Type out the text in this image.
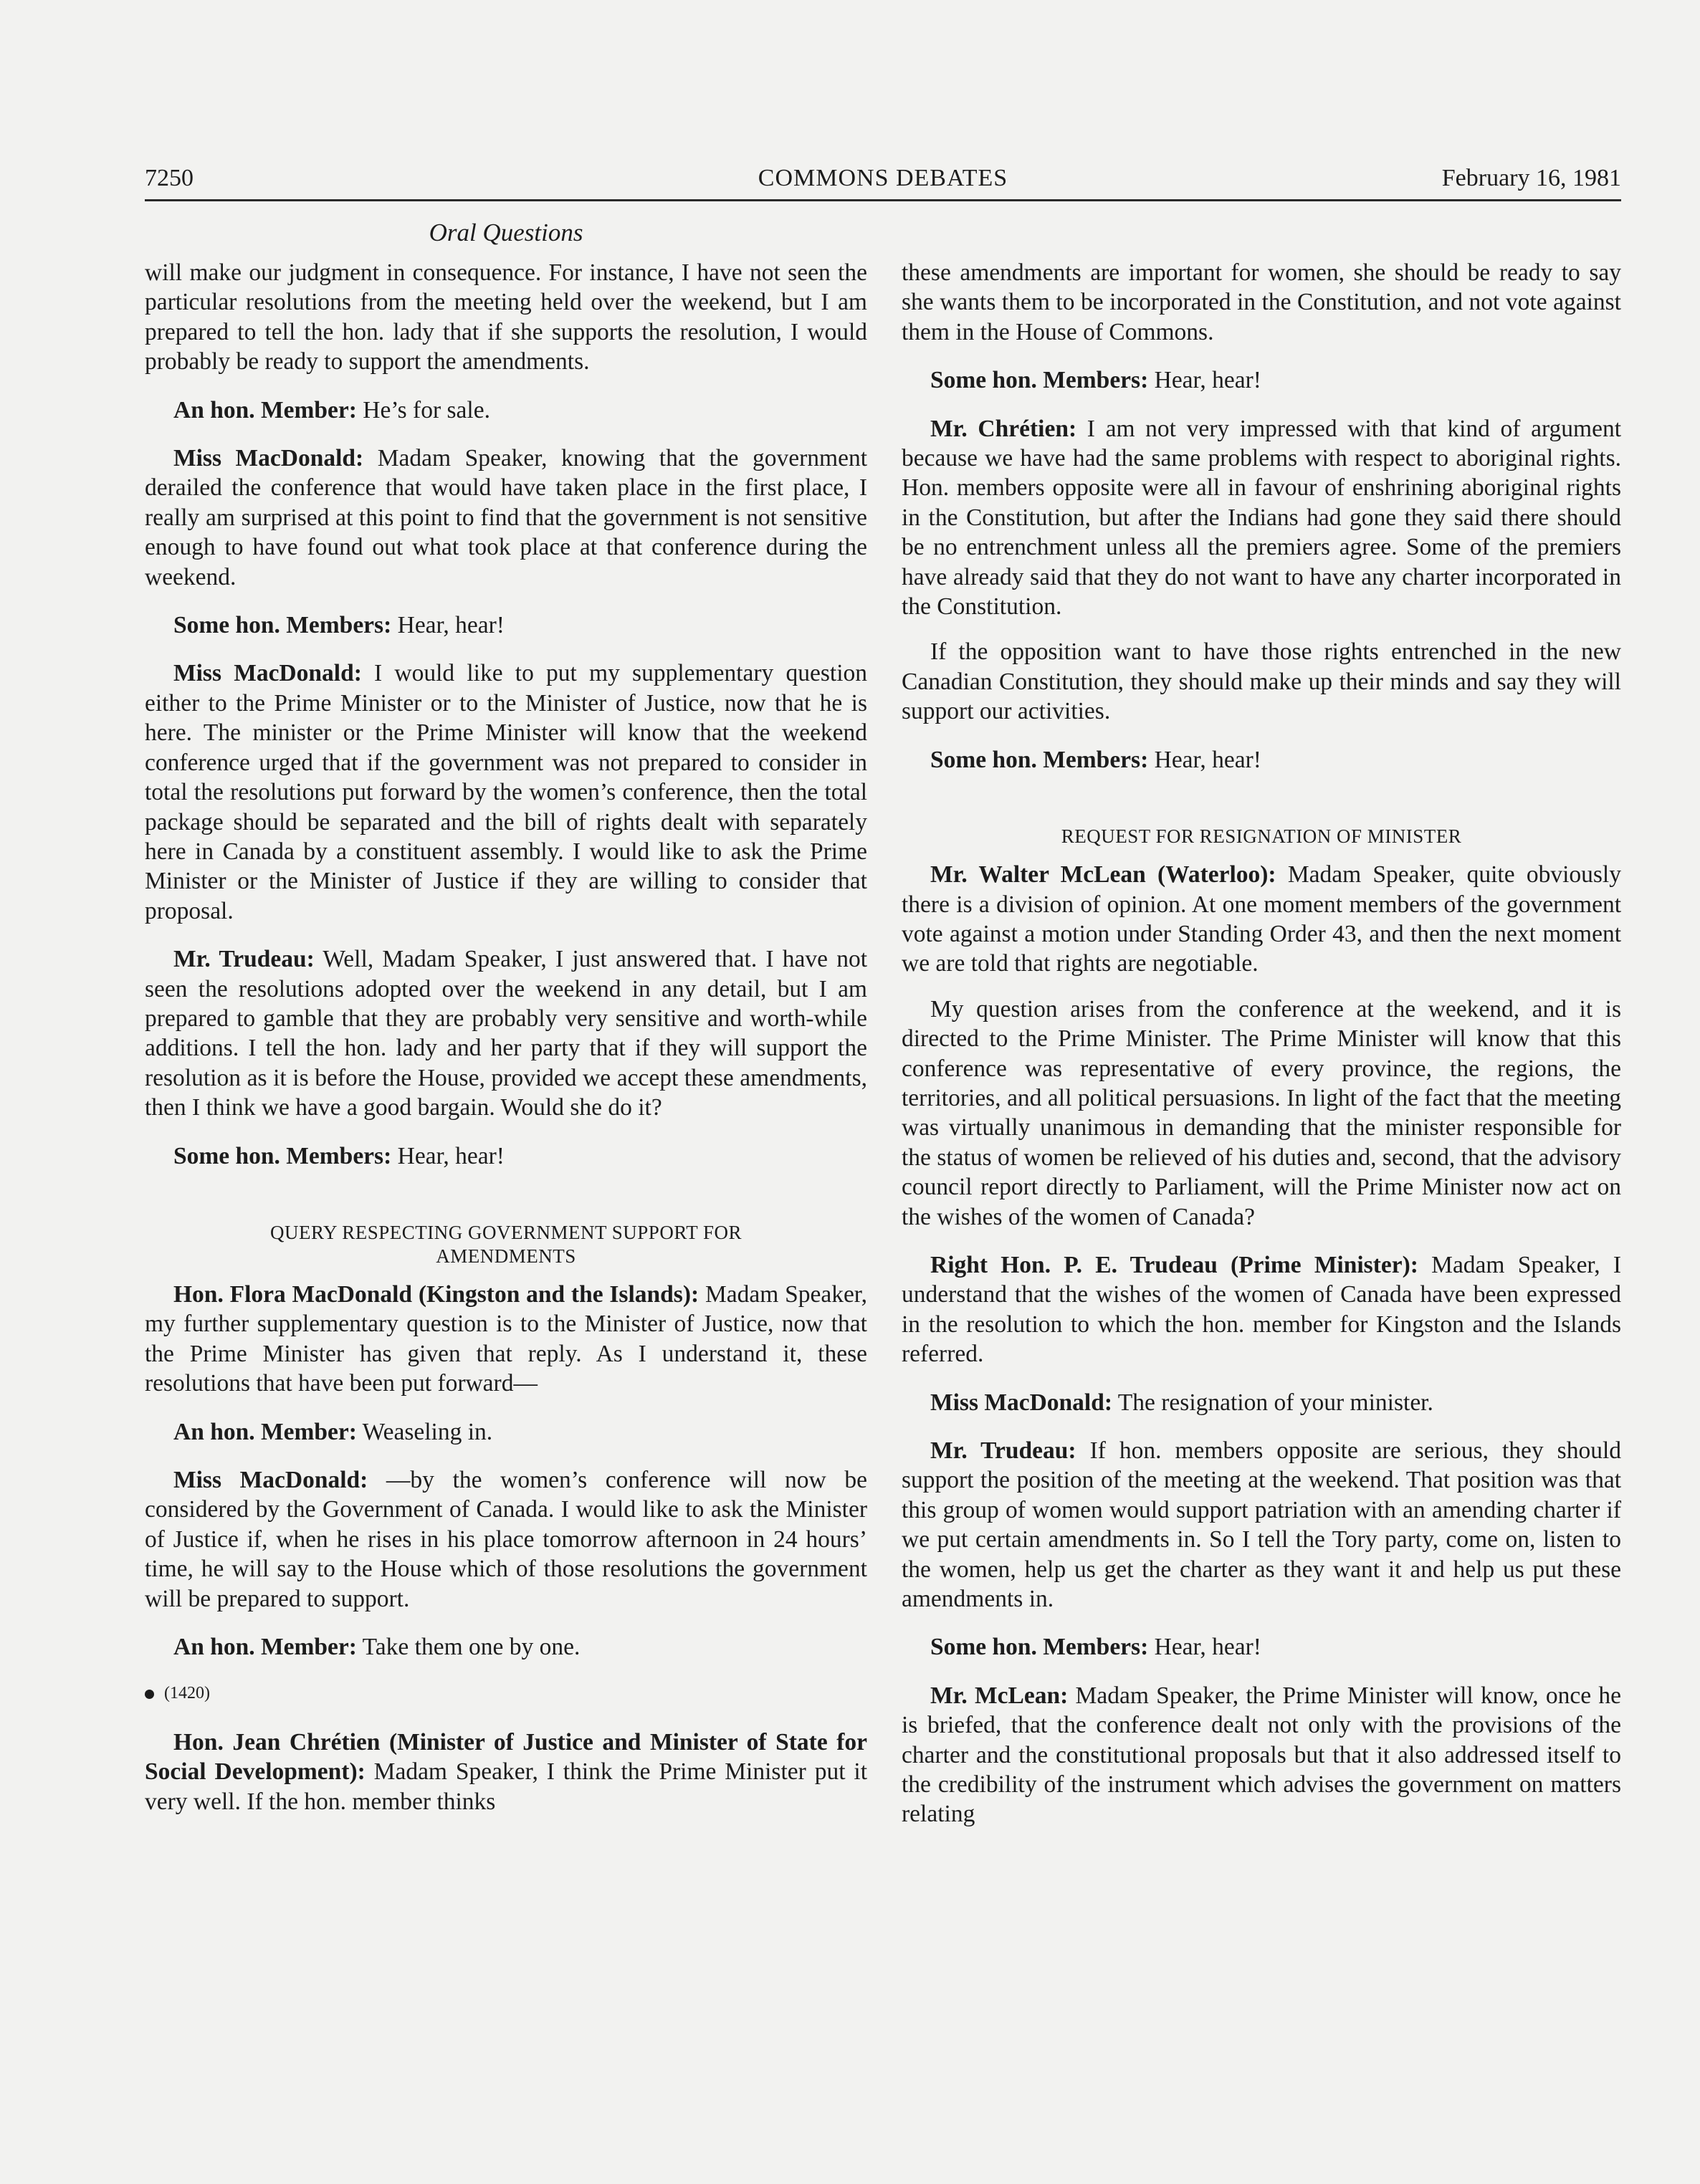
7250	COMMONS DEBATES	February 16, 1981
Oral Questions

will make our judgment in consequence. For instance, I have not seen the particular resolutions from the meeting held over the weekend, but I am prepared to tell the hon. lady that if she supports the resolution, I would probably be ready to support the amendments.

An hon. Member: He’s for sale.

Miss MacDonald: Madam Speaker, knowing that the government derailed the conference that would have taken place in the first place, I really am surprised at this point to find that the government is not sensitive enough to have found out what took place at that conference during the weekend.

Some hon. Members: Hear, hear!

Miss MacDonald: I would like to put my supplementary question either to the Prime Minister or to the Minister of Justice, now that he is here. The minister or the Prime Minister will know that the weekend conference urged that if the government was not prepared to consider in total the resolutions put forward by the women’s conference, then the total package should be separated and the bill of rights dealt with separately here in Canada by a constituent assembly. I would like to ask the Prime Minister or the Minister of Justice if they are willing to consider that proposal.

Mr. Trudeau: Well, Madam Speaker, I just answered that. I have not seen the resolutions adopted over the weekend in any detail, but I am prepared to gamble that they are probably very sensitive and worth-while additions. I tell the hon. lady and her party that if they will support the resolution as it is before the House, provided we accept these amendments, then I think we have a good bargain. Would she do it?

Some hon. Members: Hear, hear!

QUERY RESPECTING GOVERNMENT SUPPORT FOR
AMENDMENTS

Hon. Flora MacDonald (Kingston and the Islands): Madam Speaker, my further supplementary question is to the Minister of Justice, now that the Prime Minister has given that reply. As I understand it, these resolutions that have been put forward—

An hon. Member: Weaseling in.

Miss MacDonald: —by the women’s conference will now be considered by the Government of Canada. I would like to ask the Minister of Justice if, when he rises in his place tomorrow afternoon in 24 hours’ time, he will say to the House which of those resolutions the government will be prepared to support.

An hon. Member: Take them one by one.

(1420)

Hon. Jean Chrétien (Minister of Justice and Minister of State for Social Development): Madam Speaker, I think the Prime Minister put it very well. If the hon. member thinks

these amendments are important for women, she should be ready to say she wants them to be incorporated in the Constitution, and not vote against them in the House of Commons.

Some hon. Members: Hear, hear!

Mr. Chrétien: I am not very impressed with that kind of argument because we have had the same problems with respect to aboriginal rights. Hon. members opposite were all in favour of enshrining aboriginal rights in the Constitution, but after the Indians had gone they said there should be no entrenchment unless all the premiers agree. Some of the premiers have already said that they do not want to have any charter incorporated in the Constitution.

If the opposition want to have those rights entrenched in the new Canadian Constitution, they should make up their minds and say they will support our activities.

Some hon. Members: Hear, hear!

REQUEST FOR RESIGNATION OF MINISTER

Mr. Walter McLean (Waterloo): Madam Speaker, quite obviously there is a division of opinion. At one moment members of the government vote against a motion under Standing Order 43, and then the next moment we are told that rights are negotiable.

My question arises from the conference at the weekend, and it is directed to the Prime Minister. The Prime Minister will know that this conference was representative of every province, the regions, the territories, and all political persuasions. In light of the fact that the meeting was virtually unanimous in demanding that the minister responsible for the status of women be relieved of his duties and, second, that the advisory council report directly to Parliament, will the Prime Minister now act on the wishes of the women of Canada?

Right Hon. P. E. Trudeau (Prime Minister): Madam Speaker, I understand that the wishes of the women of Canada have been expressed in the resolution to which the hon. member for Kingston and the Islands referred.

Miss MacDonald: The resignation of your minister.

Mr. Trudeau: If hon. members opposite are serious, they should support the position of the meeting at the weekend. That position was that this group of women would support patriation with an amending charter if we put certain amendments in. So I tell the Tory party, come on, listen to the women, help us get the charter as they want it and help us put these amendments in.

Some hon. Members: Hear, hear!

Mr. McLean: Madam Speaker, the Prime Minister will know, once he is briefed, that the conference dealt not only with the provisions of the charter and the constitutional proposals but that it also addressed itself to the credibility of the instrument which advises the government on matters relating
